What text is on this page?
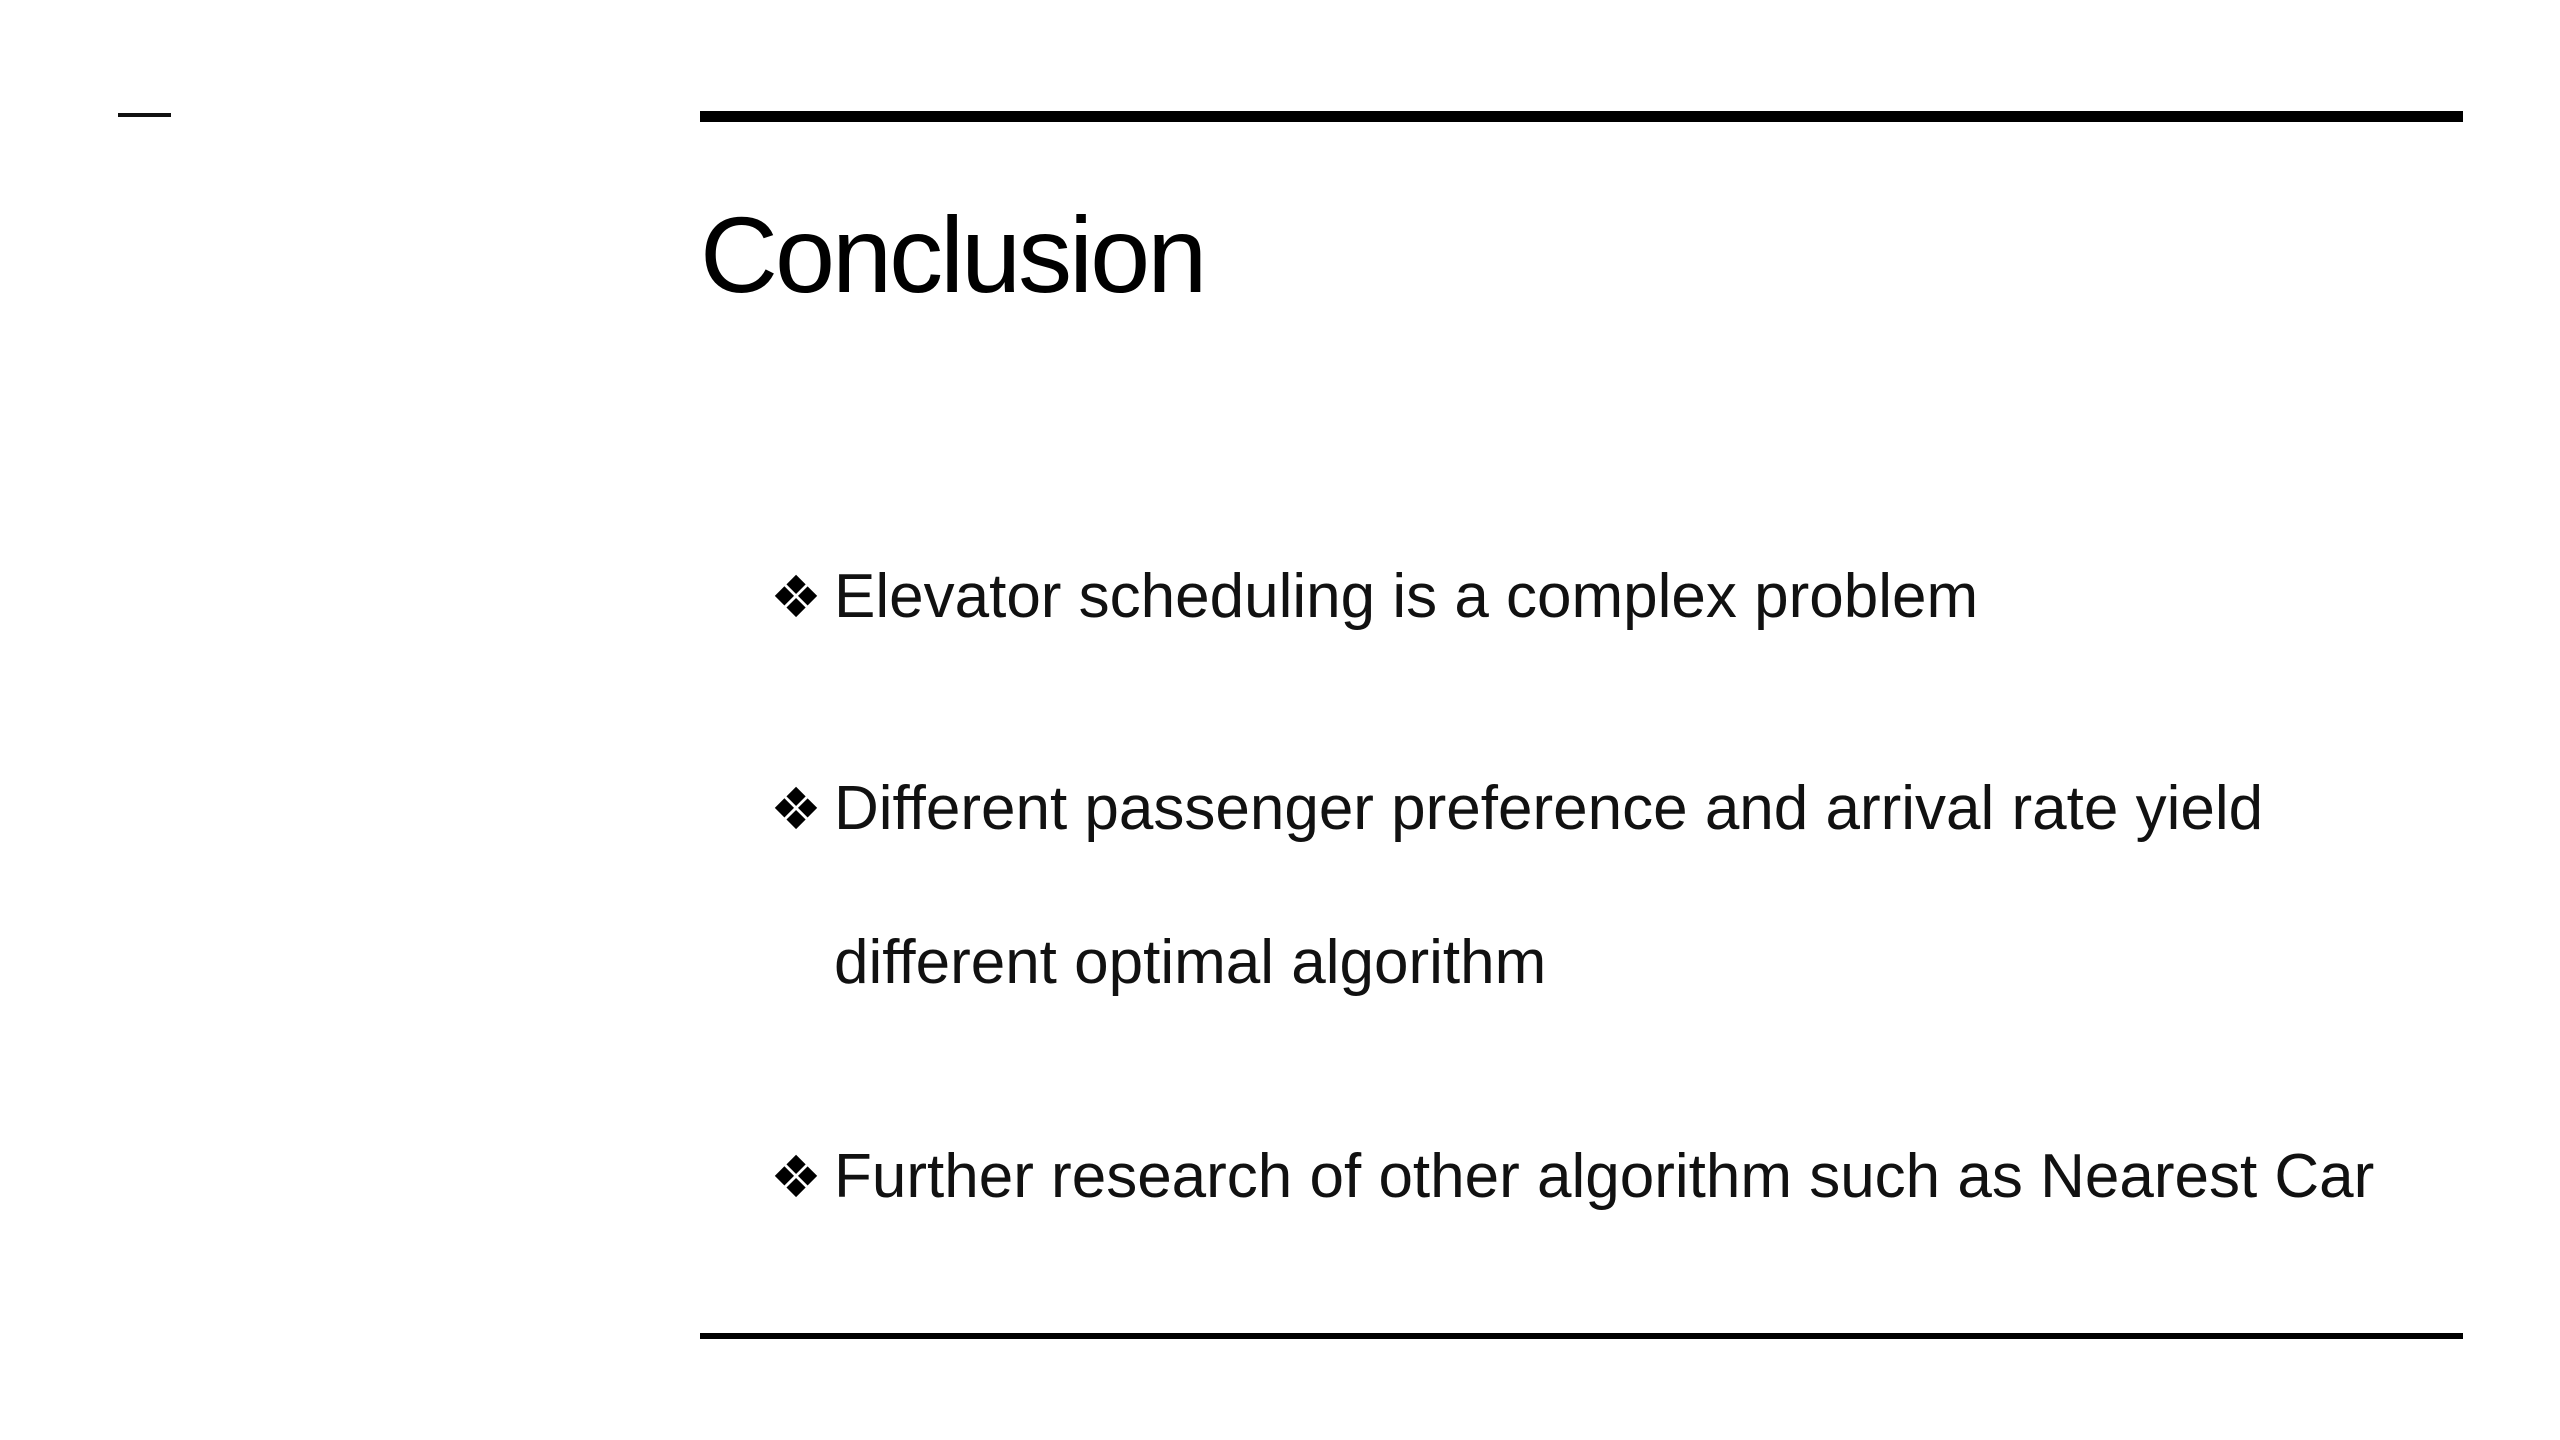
Conclusion
❖ Elevator scheduling is a complex problem
❖ Different passenger preference and arrival rate yield different optimal algorithm
❖ Further research of other algorithm such as Nearest Car
